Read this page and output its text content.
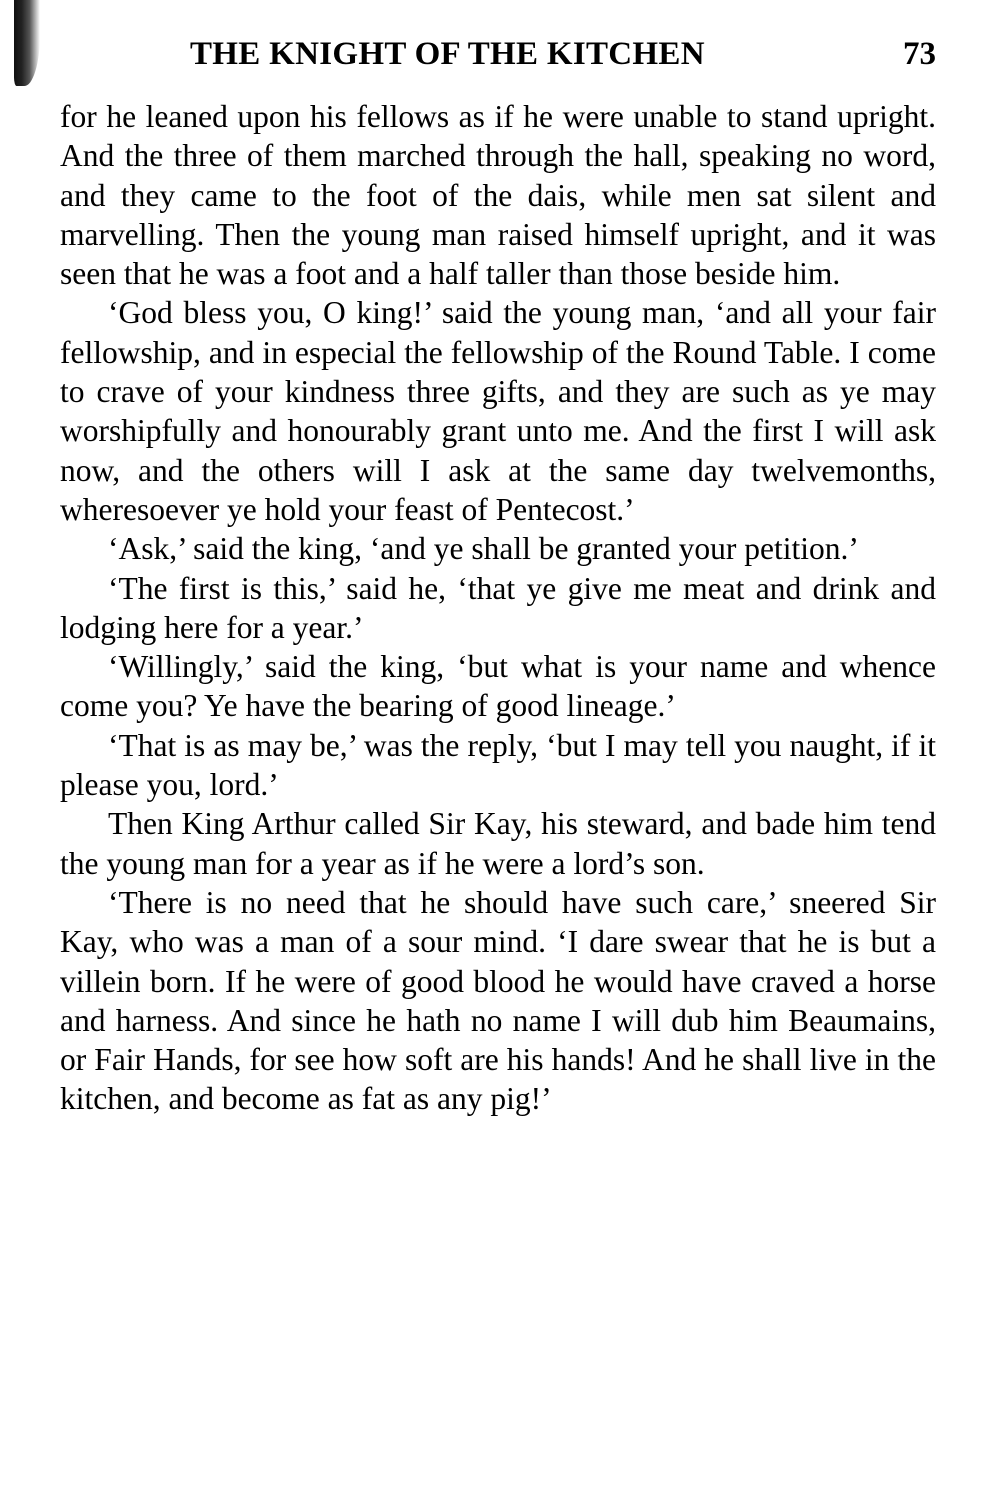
THE KNIGHT OF THE KITCHEN	73

for he leaned upon his fellows as if he were unable to stand upright. And the three of them marched through the hall, speaking no word, and they came to the foot of the dais, while men sat silent and marvelling. Then the young man raised himself upright, and it was seen that he was a foot and a half taller than those beside him.

‘God bless you, O king!’ said the young man, ‘and all your fair fellowship, and in especial the fellowship of the Round Table. I come to crave of your kindness three gifts, and they are such as ye may worshipfully and honourably grant unto me. And the first I will ask now, and the others will I ask at the same day twelvemonths, wheresoever ye hold your feast of Pentecost.’

‘Ask,’ said the king, ‘and ye shall be granted your petition.’

‘The first is this,’ said he, ‘that ye give me meat and drink and lodging here for a year.’

‘Willingly,’ said the king, ‘but what is your name and whence come you? Ye have the bearing of good lineage.’

‘That is as may be,’ was the reply, ‘but I may tell you naught, if it please you, lord.’

Then King Arthur called Sir Kay, his steward, and bade him tend the young man for a year as if he were a lord’s son.

‘There is no need that he should have such care,’ sneered Sir Kay, who was a man of a sour mind. ‘I dare swear that he is but a villein born. If he were of good blood he would have craved a horse and harness. And since he hath no name I will dub him Beaumains, or Fair Hands, for see how soft are his hands! And he shall live in the kitchen, and become as fat as any pig!’
